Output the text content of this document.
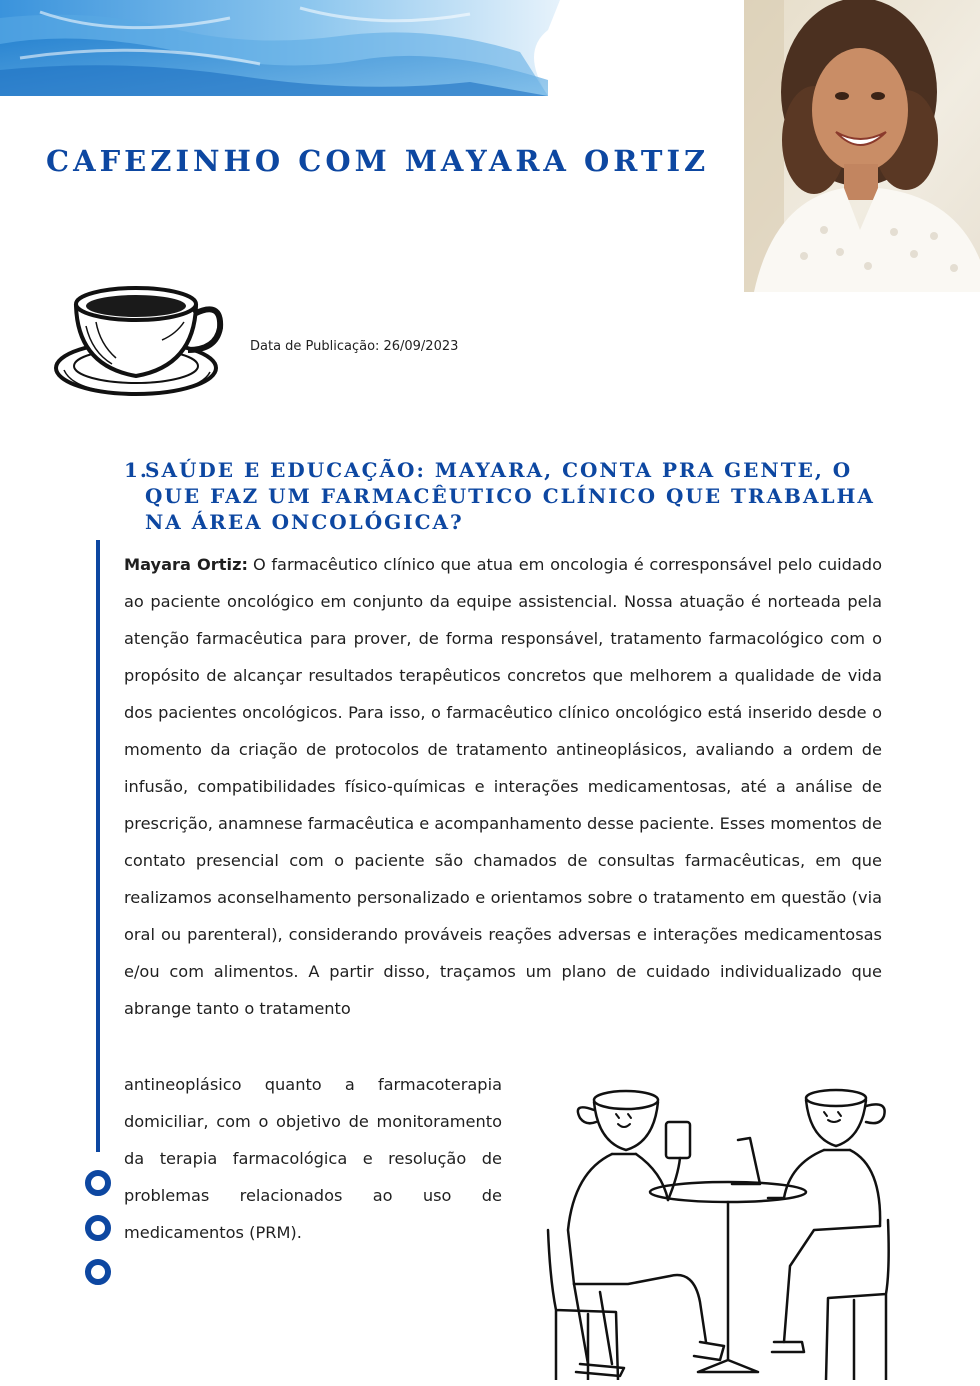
CAFEZINHO COM MAYARA ORTIZ
Data de Publicação: 26/09/2023
1.
SAÚDE E EDUCAÇÃO: MAYARA, CONTA PRA GENTE, O QUE FAZ UM FARMACÊUTICO CLÍNICO QUE TRABALHA NA ÁREA ONCOLÓGICA?

Mayara Ortiz: O farmacêutico clínico que atua em oncologia é corresponsável pelo cuidado ao paciente oncológico em conjunto da equipe assistencial. Nossa atuação é norteada pela atenção farmacêutica para prover, de forma responsável, tratamento farmacológico com o propósito de alcançar resultados terapêuticos concretos que melhorem a qualidade de vida dos pacientes oncológicos. Para isso, o farmacêutico clínico oncológico está inserido desde o momento da criação de protocolos de tratamento antineoplásicos, avaliando a ordem de infusão, compatibilidades físico-químicas e interações medicamentosas, até a análise de prescrição, anamnese farmacêutica e acompanhamento desse paciente. Esses momentos de contato presencial com o paciente são chamados de consultas farmacêuticas, em que realizamos aconselhamento personalizado e orientamos sobre o tratamento em questão (via oral ou parenteral), considerando prováveis reações adversas e interações medicamentosas e/ou com alimentos. A partir disso, traçamos um plano de cuidado individualizado que abrange tanto o tratamento

antineoplásico quanto a farmacoterapia domiciliar, com o objetivo de monitoramento da terapia farmacológica e resolução de problemas relacionados ao uso de medicamentos (PRM).
